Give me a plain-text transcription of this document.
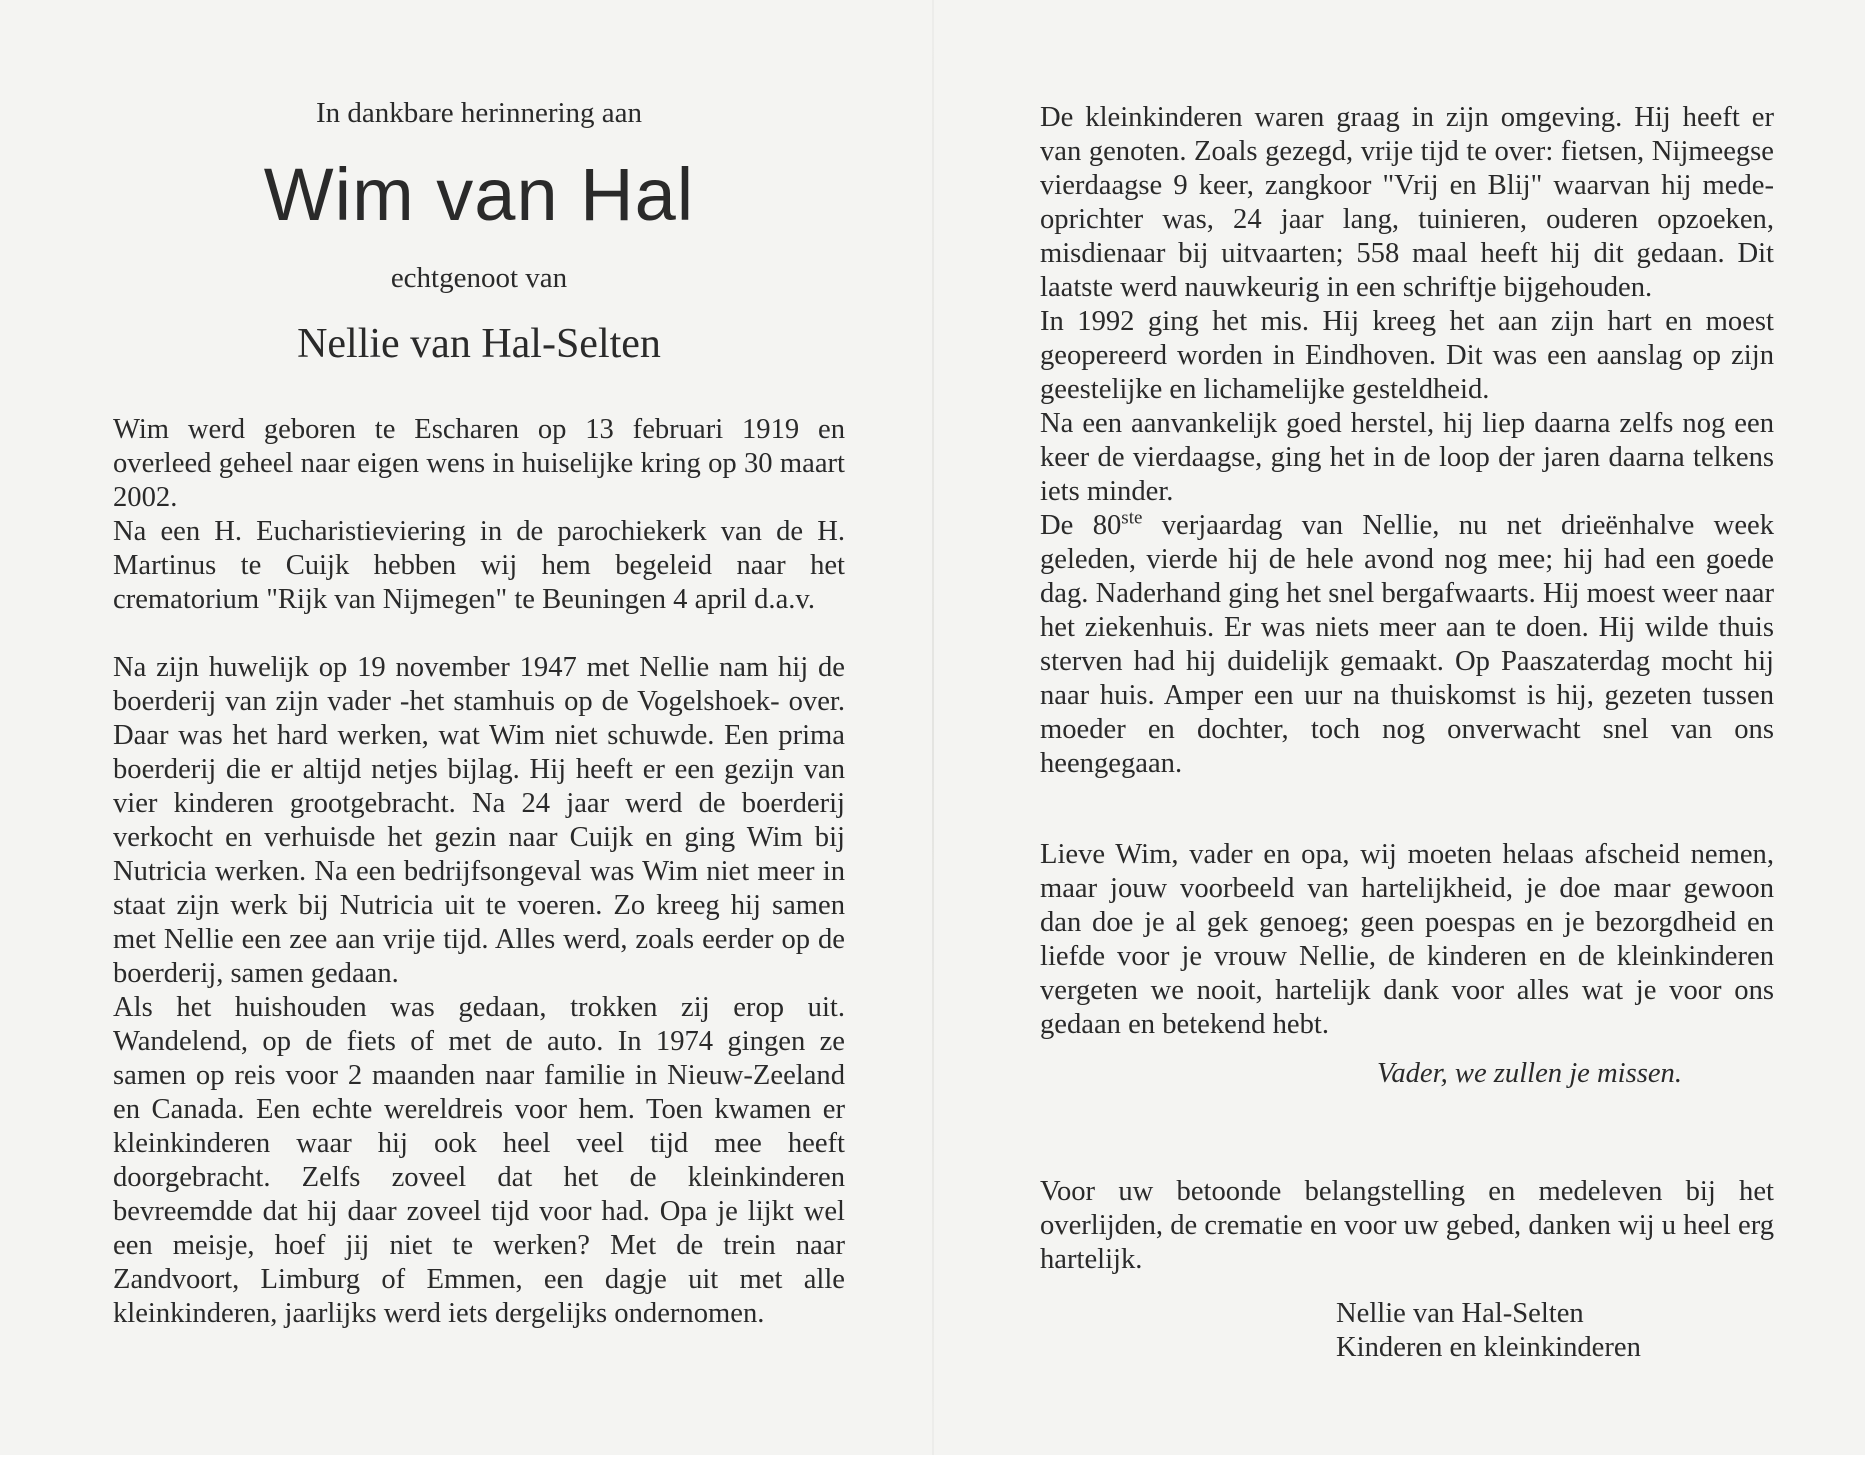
In dankbare herinnering aan
Wim van Hal
echtgenoot van
Nellie van Hal-Selten

Wim werd geboren te Escharen op 13 februari 1919 en overleed geheel naar eigen wens in huiselijke kring op 30 maart 2002.

Na een H. Eucharistieviering in de parochiekerk van de H. Martinus te Cuijk hebben wij hem begeleid naar het crematorium "Rijk van Nijmegen" te Beuningen 4 april d.a.v.

Na zijn huwelijk op 19 november 1947 met Nellie nam hij de boerderij van zijn vader -het stamhuis op de Vogelshoek- over. Daar was het hard werken, wat Wim niet schuwde. Een prima boerderij die er altijd netjes bijlag. Hij heeft er een gezijn van vier kinderen grootgebracht. Na 24 jaar werd de boerderij verkocht en verhuisde het gezin naar Cuijk en ging Wim bij Nutricia werken. Na een bedrijfsongeval was Wim niet meer in staat zijn werk bij Nutricia uit te voeren. Zo kreeg hij samen met Nellie een zee aan vrije tijd. Alles werd, zoals eerder op de boerderij, samen gedaan.

Als het huishouden was gedaan, trokken zij erop uit. Wandelend, op de fiets of met de auto. In 1974 gingen ze samen op reis voor 2 maanden naar familie in Nieuw-Zeeland en Canada. Een echte wereldreis voor hem. Toen kwamen er kleinkinderen waar hij ook heel veel tijd mee heeft doorgebracht. Zelfs zoveel dat het de kleinkinderen bevreemdde dat hij daar zoveel tijd voor had. Opa je lijkt wel een meisje, hoef jij niet te werken? Met de trein naar Zandvoort, Limburg of Emmen, een dagje uit met alle kleinkinderen, jaarlijks werd iets dergelijks ondernomen.

De kleinkinderen waren graag in zijn omgeving. Hij heeft er van genoten. Zoals gezegd, vrije tijd te over: fietsen, Nijmeegse vierdaagse 9 keer, zangkoor "Vrij en Blij" waarvan hij mede-oprichter was, 24 jaar lang, tuinieren, ouderen opzoeken, misdienaar bij uitvaarten; 558 maal heeft hij dit gedaan. Dit laatste werd nauwkeurig in een schriftje bijgehouden.

In 1992 ging het mis. Hij kreeg het aan zijn hart en moest geopereerd worden in Eindhoven. Dit was een aanslag op zijn geestelijke en lichamelijke gesteldheid.

Na een aanvankelijk goed herstel, hij liep daarna zelfs nog een keer de vierdaagse, ging het in de loop der jaren daarna telkens iets minder.

De 80ste verjaardag van Nellie, nu net drieënhalve week geleden, vierde hij de hele avond nog mee; hij had een goede dag. Naderhand ging het snel bergafwaarts. Hij moest weer naar het ziekenhuis. Er was niets meer aan te doen. Hij wilde thuis sterven had hij duidelijk gemaakt. Op Paaszaterdag mocht hij naar huis. Amper een uur na thuiskomst is hij, gezeten tussen moeder en dochter, toch nog onverwacht snel van ons heengegaan.

Lieve Wim, vader en opa, wij moeten helaas afscheid nemen, maar jouw voorbeeld van hartelijkheid, je doe maar gewoon dan doe je al gek genoeg; geen poespas en je bezorgdheid en liefde voor je vrouw Nellie, de kinderen en de kleinkinderen vergeten we nooit, hartelijk dank voor alles wat je voor ons gedaan en betekend hebt.

Vader, we zullen je missen.

Voor uw betoonde belangstelling en medeleven bij het overlijden, de crematie en voor uw gebed, danken wij u heel erg hartelijk.

Nellie van Hal-Selten
Kinderen en kleinkinderen
